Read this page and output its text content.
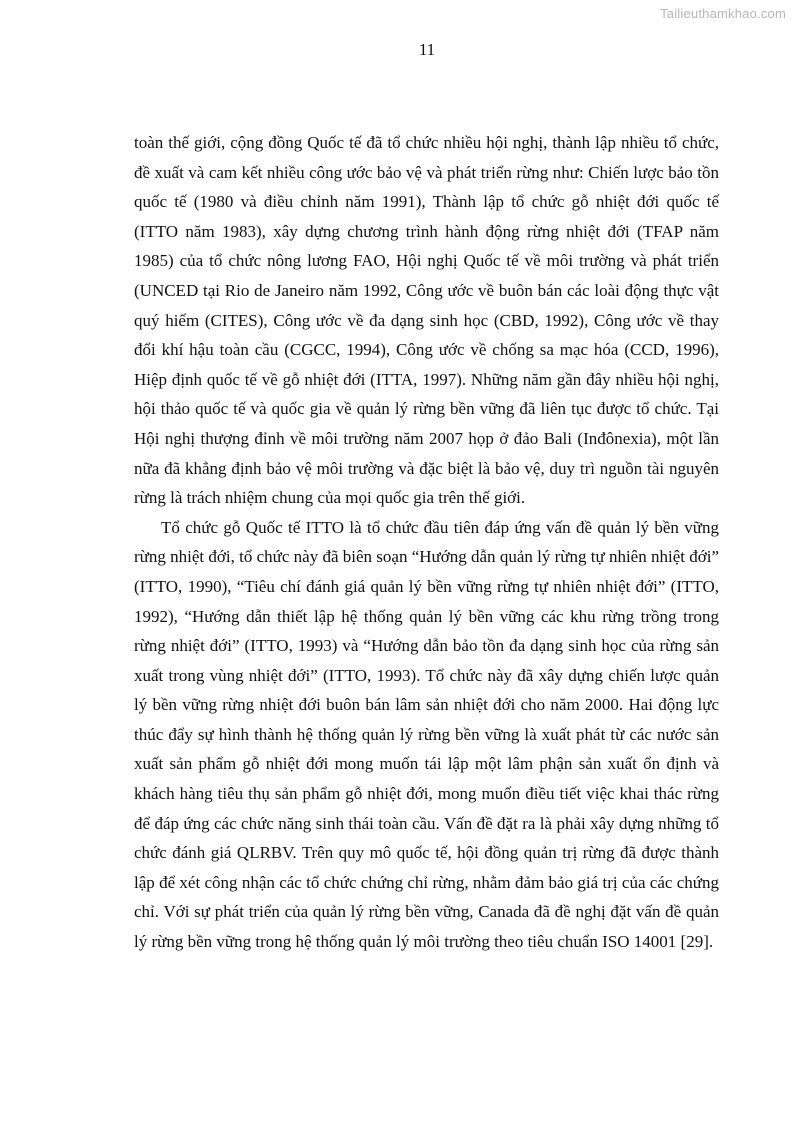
Tailieuthamkhao.com
11

toàn thế giới, cộng đồng Quốc tế đã tổ chức nhiều hội nghị, thành lập nhiều tổ chức, đề xuất và cam kết nhiều công ước bảo vệ và phát triển rừng như: Chiến lược bảo tồn quốc tế (1980 và điều chỉnh năm 1991), Thành lập tổ chức gỗ nhiệt đới quốc tế (ITTO năm 1983), xây dựng chương trình hành động rừng nhiệt đới (TFAP năm 1985) của tổ chức nông lương FAO, Hội nghị Quốc tế về môi trường và phát triển (UNCED tại Rio de Janeiro năm 1992, Công ước về buôn bán các loài động thực vật quý hiếm (CITES), Công ước về đa dạng sinh học (CBD, 1992), Công ước về thay đổi khí hậu toàn cầu (CGCC, 1994), Công ước về chống sa mạc hóa (CCD, 1996), Hiệp định quốc tế về gỗ nhiệt đới (ITTA, 1997). Những năm gần đây nhiều hội nghị, hội thảo quốc tế và quốc gia về quản lý rừng bền vững đã liên tục được tổ chức. Tại Hội nghị thượng đỉnh về môi trường năm 2007 họp ở đảo Bali (Inđônexia), một lần nữa đã khẳng định bảo vệ môi trường và đặc biệt là bảo vệ, duy trì nguồn tài nguyên rừng là trách nhiệm chung của mọi quốc gia trên thế giới.

Tổ chức gỗ Quốc tế ITTO là tổ chức đầu tiên đáp ứng vấn đề quản lý bền vững rừng nhiệt đới, tổ chức này đã biên soạn “Hướng dẫn quản lý rừng tự nhiên nhiệt đới” (ITTO, 1990), “Tiêu chí đánh giá quản lý bền vững rừng tự nhiên nhiệt đới” (ITTO, 1992), “Hướng dẫn thiết lập hệ thống quản lý bền vững các khu rừng trồng trong rừng nhiệt đới” (ITTO, 1993) và “Hướng dẫn bảo tồn đa dạng sinh học của rừng sản xuất trong vùng nhiệt đới” (ITTO, 1993). Tổ chức này đã xây dựng chiến lược quản lý bền vững rừng nhiệt đới buôn bán lâm sản nhiệt đới cho năm 2000. Hai động lực thúc đẩy sự hình thành hệ thống quản lý rừng bền vững là xuất phát từ các nước sản xuất sản phẩm gỗ nhiệt đới mong muốn tái lập một lâm phận sản xuất ổn định và khách hàng tiêu thụ sản phẩm gỗ nhiệt đới, mong muốn điều tiết việc khai thác rừng để đáp ứng các chức năng sinh thái toàn cầu. Vấn đề đặt ra là phải xây dựng những tổ chức đánh giá QLRBV. Trên quy mô quốc tế, hội đồng quản trị rừng đã được thành lập để xét công nhận các tổ chức chứng chỉ rừng, nhằm đảm bảo giá trị của các chứng chỉ. Với sự phát triển của quản lý rừng bền vững, Canada đã đề nghị đặt vấn đề quản lý rừng bền vững trong hệ thống quản lý môi trường theo tiêu chuẩn ISO 14001 [29].
